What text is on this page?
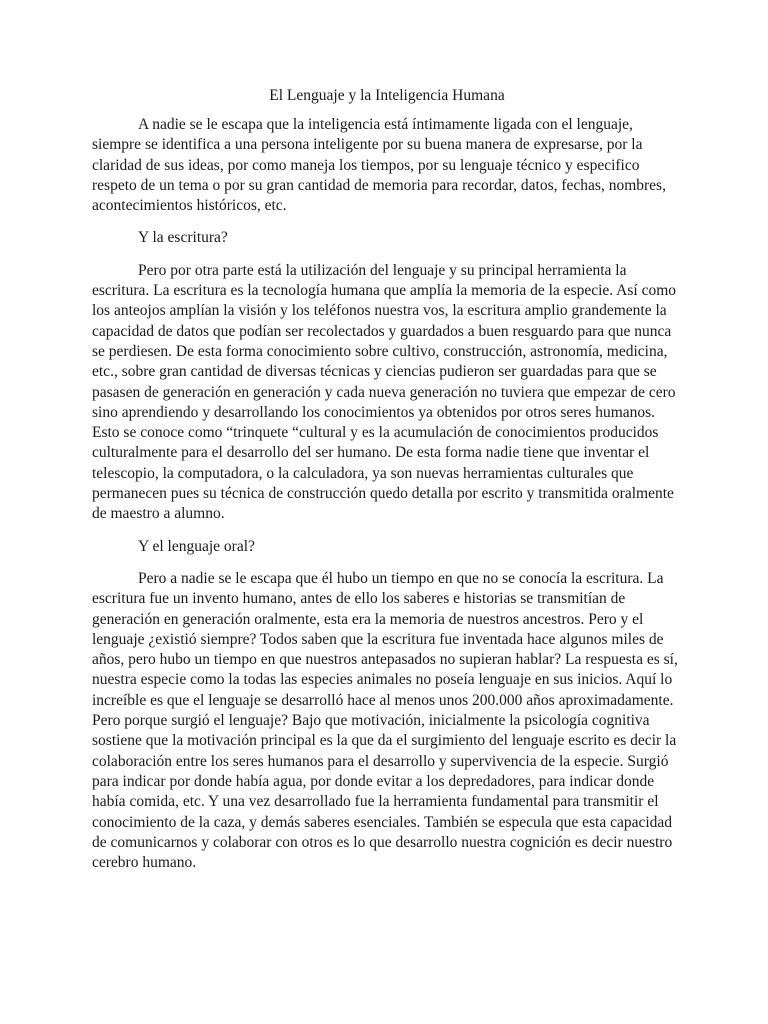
El Lenguaje y la Inteligencia Humana

A nadie se le escapa que la inteligencia está íntimamente ligada con el lenguaje, siempre se identifica a una persona inteligente por su buena manera de expresarse, por la claridad de sus ideas, por como maneja los tiempos, por su lenguaje técnico y especifico respeto de un tema o por su gran cantidad de memoria para recordar, datos, fechas, nombres, acontecimientos históricos, etc.

Y la escritura?

Pero por otra parte está la utilización del lenguaje y su principal herramienta la escritura. La escritura es la tecnología humana que amplía la memoria de la especie. Así como los anteojos amplían la visión y los teléfonos nuestra vos, la escritura amplio grandemente la capacidad de datos que podían ser recolectados y guardados a buen resguardo para que nunca se perdiesen. De esta forma conocimiento sobre cultivo, construcción, astronomía, medicina, etc., sobre gran cantidad de diversas técnicas y ciencias pudieron ser guardadas para que se pasasen de generación en generación y cada nueva generación no tuviera que empezar de cero sino aprendiendo y desarrollando los conocimientos ya obtenidos por otros seres humanos. Esto se conoce como “trinquete “cultural y es la acumulación de conocimientos producidos culturalmente para el desarrollo del ser humano. De esta forma nadie tiene que inventar el telescopio, la computadora, o la calculadora, ya son nuevas herramientas culturales que permanecen pues su técnica de construcción quedo detalla por escrito y transmitida oralmente de maestro a alumno.

Y el lenguaje oral?

Pero a nadie se le escapa que él hubo un tiempo en que no se conocía la escritura. La escritura fue un invento humano, antes de ello los saberes e historias se transmitían de generación en generación oralmente, esta era la memoria de nuestros ancestros. Pero y el lenguaje ¿existió siempre? Todos saben que la escritura fue inventada hace algunos miles de años, pero hubo un tiempo en que nuestros antepasados no supieran hablar? La respuesta es sí, nuestra especie como la todas las especies animales no poseía lenguaje en sus inicios. Aquí lo increíble es que el lenguaje se desarrolló hace al menos unos 200.000 años aproximadamente. Pero porque surgió el lenguaje? Bajo que motivación, inicialmente la psicología cognitiva sostiene que la motivación principal es la que da el surgimiento del lenguaje escrito es decir la colaboración entre los seres humanos para el desarrollo y supervivencia de la especie. Surgió para indicar por donde había agua, por donde evitar a los depredadores, para indicar donde había comida, etc. Y una vez desarrollado fue la herramienta fundamental para transmitir el conocimiento de la caza, y demás saberes esenciales. También se especula que esta capacidad de comunicarnos y colaborar con otros es lo que desarrollo nuestra cognición es decir nuestro cerebro humano.
